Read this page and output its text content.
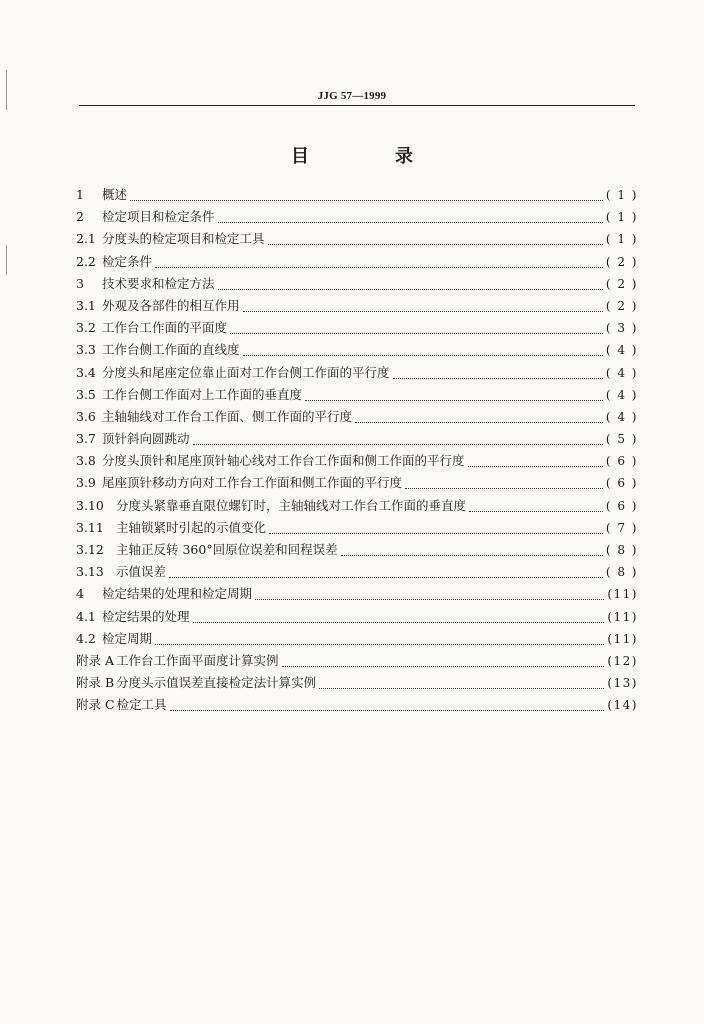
JJG 57—1999
目　录
1	概述	( 1 )
2	检定项目和检定条件	( 1 )
2.1 分度头的检定项目和检定工具	( 1 )
2.2 检定条件	( 2 )
3	技术要求和检定方法	( 2 )
3.1 外观及各部件的相互作用	( 2 )
3.2 工作台工作面的平面度	( 3 )
3.3 工作台侧工作面的直线度	( 4 )
3.4 分度头和尾座定位靠止面对工作台侧工作面的平行度	( 4 )
3.5 工作台侧工作面对上工作面的垂直度	( 4 )
3.6 主轴轴线对工作台工作面、侧工作面的平行度	( 4 )
3.7 顶针斜向圆跳动	( 5 )
3.8 分度头顶针和尾座顶针轴心线对工作台工作面和侧工作面的平行度	( 6 )
3.9 尾座顶针移动方向对工作台工作面和侧工作面的平行度	( 6 )
3.10 分度头紧靠垂直限位螺钉时，主轴轴线对工作台工作面的垂直度	( 6 )
3.11 主轴锁紧时引起的示值变化	( 7 )
3.12 主轴正反转 360°回原位误差和回程误差	( 8 )
3.13 示值误差	( 8 )
4	检定结果的处理和检定周期	(11)
4.1 检定结果的处理	(11)
4.2 检定周期	(11)
附录 A 工作台工作面平面度计算实例	(12)
附录 B 分度头示值误差直接检定法计算实例	(13)
附录 C 检定工具	(14)
